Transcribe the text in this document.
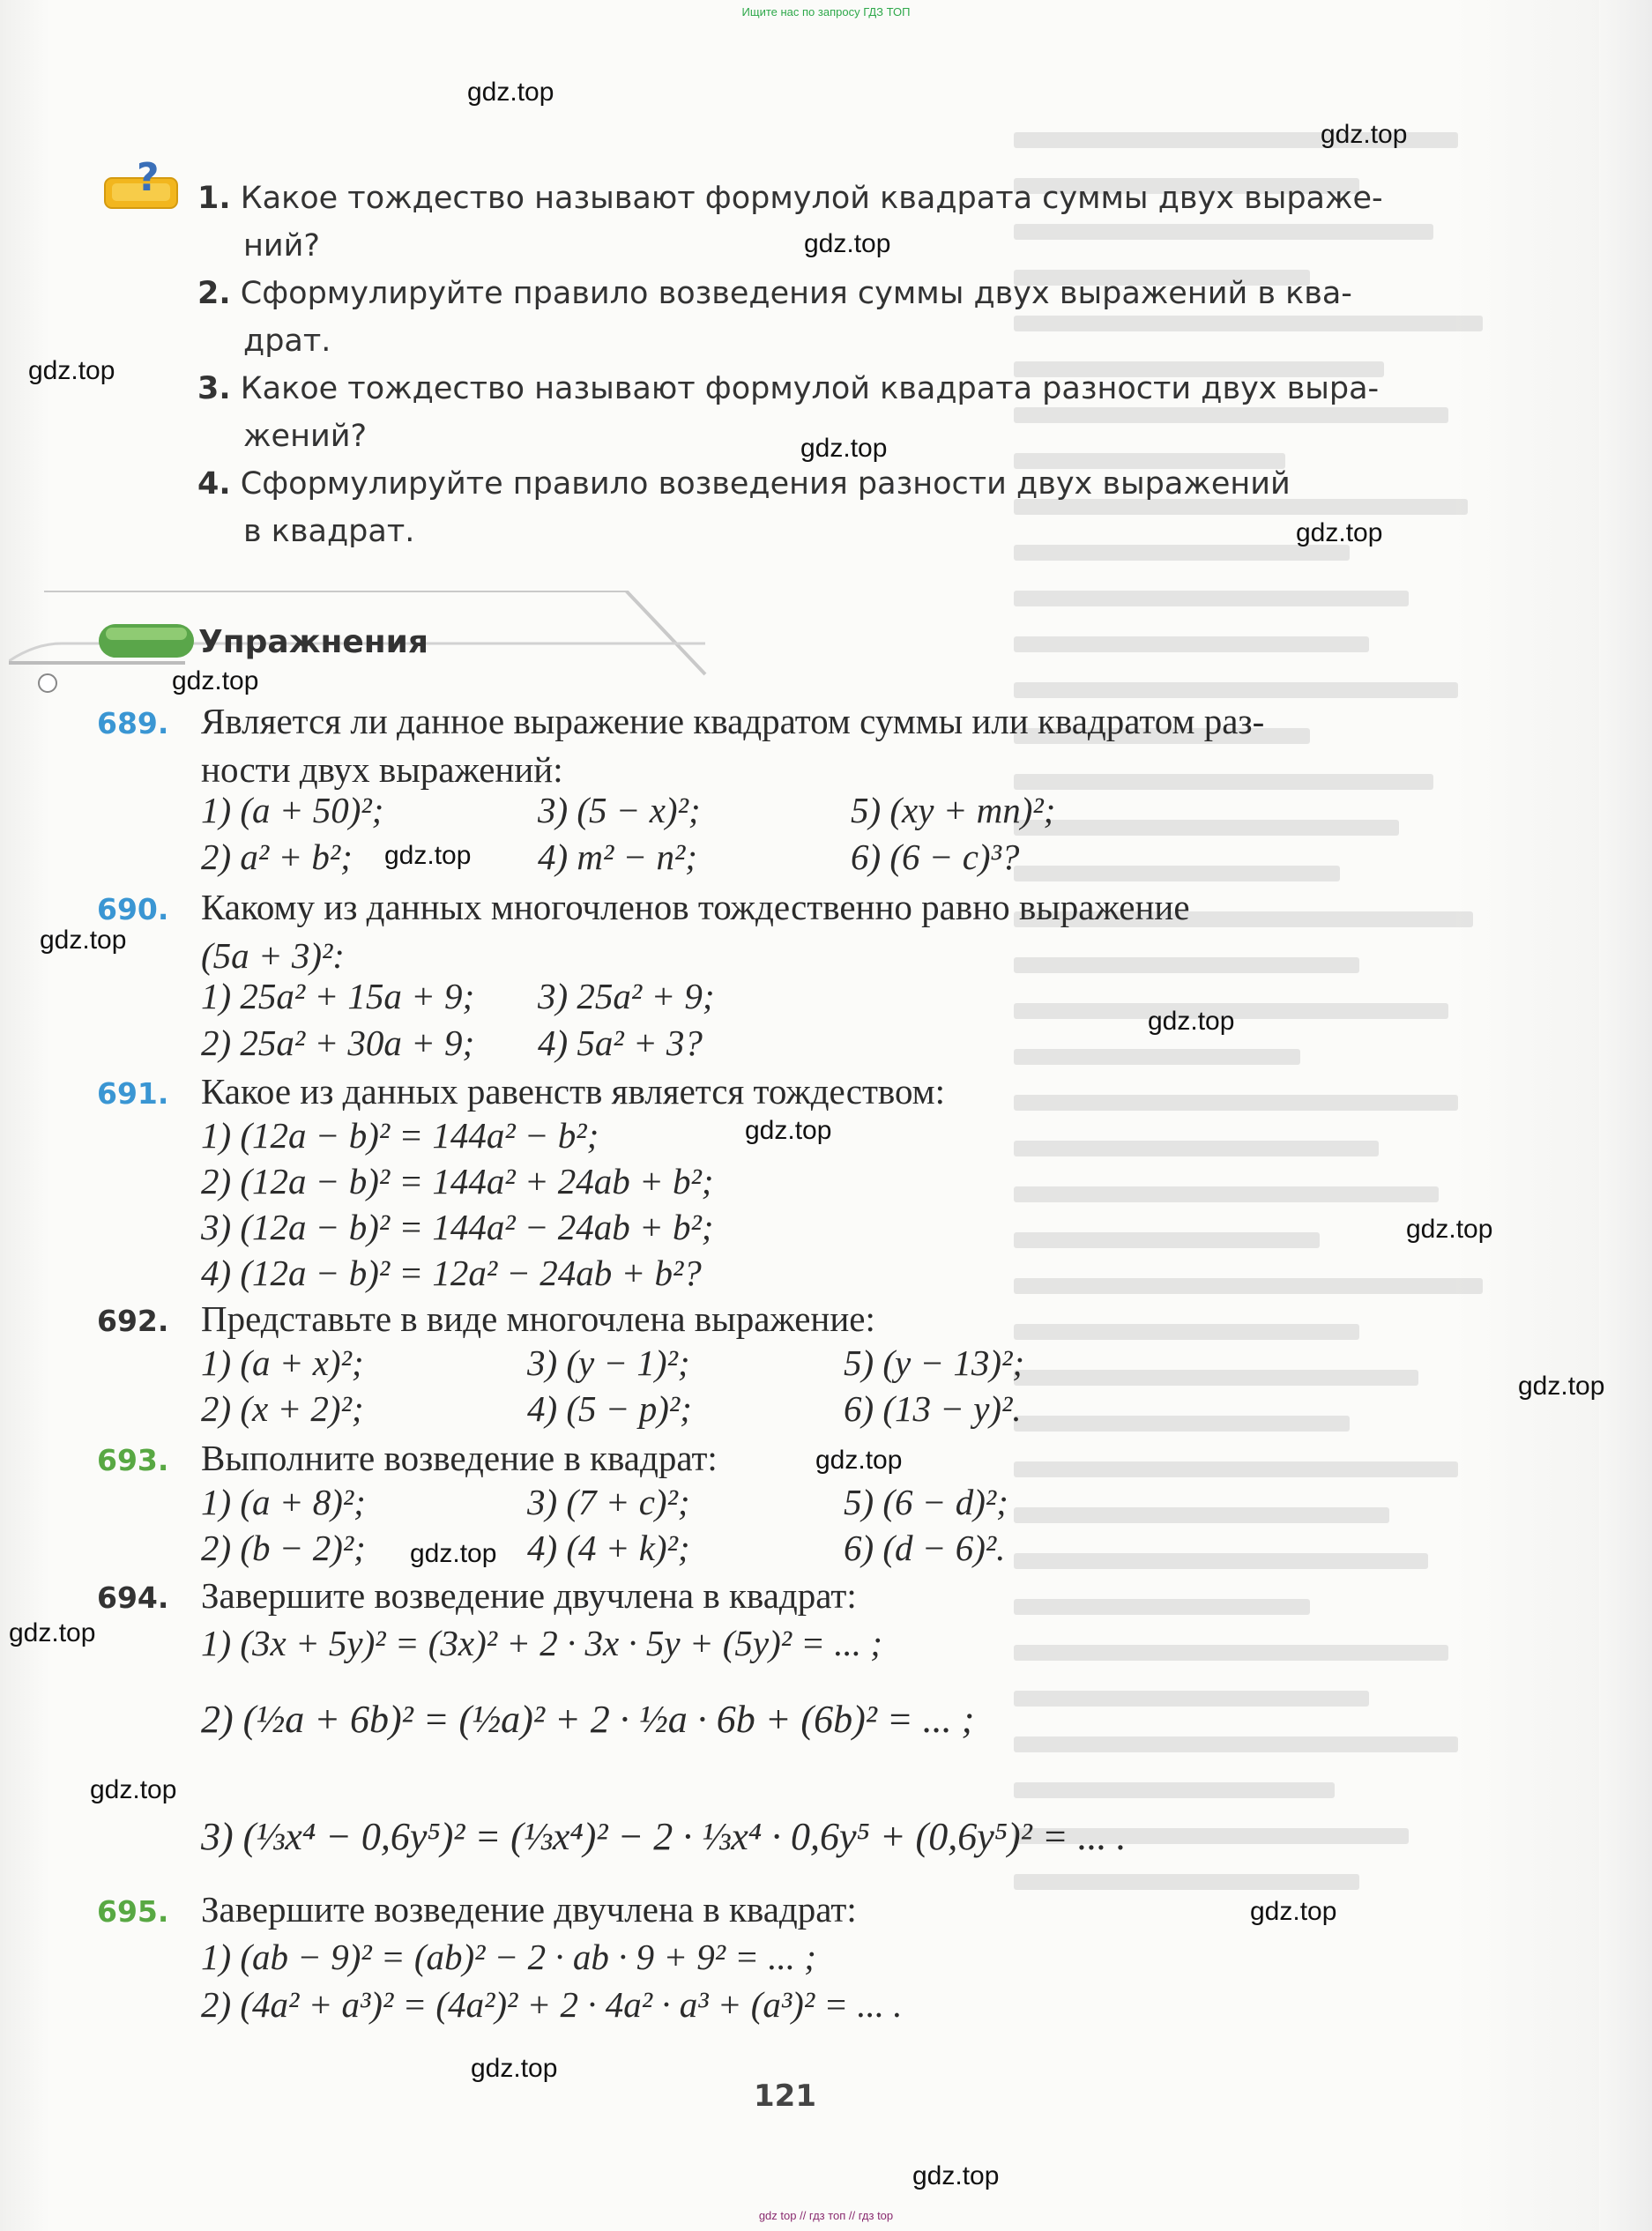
Ищите нас по запросу ГДЗ ТОП
? 1. Какое тождество называют формулой квадрата суммы двух выраже-
ний?
2. Сформулируйте правило возведения суммы двух выражений в ква-
драт.
3. Какое тождество называют формулой квадрата разности двух выра-
жений?
4. Сформулируйте правило возведения разности двух выражений
в квадрат.
Упражнения
689. Является ли данное выражение квадратом суммы или квадратом раз-
ности двух выражений:
1) (a + 50)²;	3) (5 − x)²;	5) (xy + mn)²;
2) a² + b²;	4) m² − n²;	6) (6 − c)³?
690. Какому из данных многочленов тождественно равно выражение
(5a + 3)²:
1) 25a² + 15a + 9; 3) 25a² + 9;
2) 25a² + 30a + 9; 4) 5a² + 3?
691. Какое из данных равенств является тождеством:
1) (12a − b)² = 144a² − b²;
2) (12a − b)² = 144a² + 24ab + b²;
3) (12a − b)² = 144a² − 24ab + b²;
4) (12a − b)² = 12a² − 24ab + b²?
692. Представьте в виде многочлена выражение:
1) (a + x)²;	3) (y − 1)²;	5) (y − 13)²;
2) (x + 2)²;	4) (5 − p)²;	6) (13 − y)².
693. Выполните возведение в квадрат:
1) (a + 8)²;	3) (7 + c)²;	5) (6 − d)²;
2) (b − 2)²;	4) (4 + k)²;	6) (d − 6)².
694. Завершите возведение двучлена в квадрат:
1) (3x + 5y)² = (3x)² + 2 · 3x · 5y + (5y)² = ... ;
2) (½a + 6b)² = (½a)² + 2 · ½a · 6b + (6b)² = ... ;
3) (⅓x⁴ − 0,6y⁵)² = (⅓x⁴)² − 2 · ⅓x⁴ · 0,6y⁵ + (0,6y⁵)² = ... .
695. Завершите возведение двучлена в квадрат:
1) (ab − 9)² = (ab)² − 2 · ab · 9 + 9² = ... ;
2) (4a² + a³)² = (4a²)² + 2 · 4a² · a³ + (a³)² = ... .
121
gdz.top
gdz.top
gdz.top
gdz.top
gdz.top
gdz.top
gdz.top
gdz.top
gdz.top
gdz.top
gdz.top
gdz.top
gdz.top
gdz.top
gdz.top
gdz.top
gdz.top
gdz.top
gdz.top
gdz.top
gdz top // гдз топ // гдз top
